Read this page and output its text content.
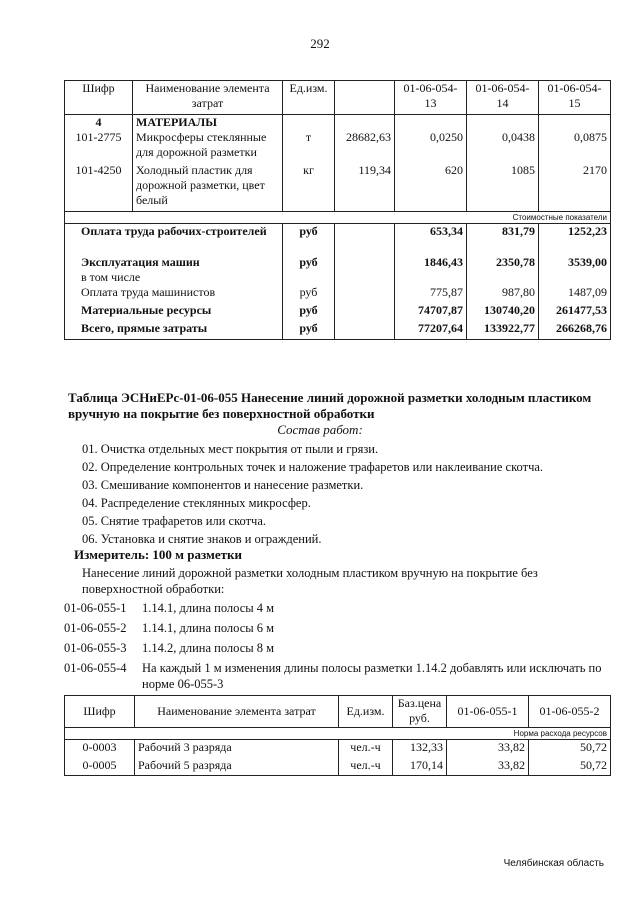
292
Шифр	Наименование элемента затрат	Ед.изм.		01-06-054-13	01-06-054-14	01-06-054-15
4	МАТЕРИАЛЫ					
101-2775	Микросферы стеклянные для дорожной разметки	т	28682,63	0,0250	0,0438	0,0875
101-4250	Холодный пластик для дорожной разметки, цвет белый	кг	119,34	620	1085	2170
Стоимостные показатели						
Оплата труда рабочих-строителей		руб		653,34	831,79	1252,23
Эксплуатация машин		руб		1846,43	2350,78	3539,00
в том числе						
Оплата труда машинистов		руб		775,87	987,80	1487,09
Материальные ресурсы		руб		74707,87	130740,20	261477,53
Всего, прямые затраты		руб		77207,64	133922,77	266268,76
Таблица ЭСНиЕРс-01-06-055 Нанесение линий дорожной разметки холодным пластиком вручную на покрытие без поверхностной обработки
Состав работ:
01. Очистка отдельных мест покрытия от пыли и грязи.
02. Определение контрольных точек и наложение трафаретов или наклеивание скотча.
03. Смешивание компонентов и нанесение разметки.
04. Распределение стеклянных микросфер.
05. Снятие трафаретов или скотча.
06. Установка и снятие знаков и ограждений.
Измеритель: 100 м разметки
Нанесение линий дорожной разметки холодным пластиком вручную на покрытие без поверхностной обработки:
01-06-055-1	1.14.1, длина полосы 4 м
01-06-055-2	1.14.1, длина полосы 6 м
01-06-055-3	1.14.2, длина полосы 8 м
01-06-055-4	На каждый 1 м изменения длины полосы разметки 1.14.2 добавлять или исключать по норме 06-055-3
Шифр	Наименование элемента затрат	Ед.изм.	Баз.цена руб.	01-06-055-1	01-06-055-2
Норма расхода ресурсов					
0-0003	Рабочий 3 разряда	чел.-ч	132,33	33,82	50,72
0-0005	Рабочий 5 разряда	чел.-ч	170,14	33,82	50,72
Челябинская область
